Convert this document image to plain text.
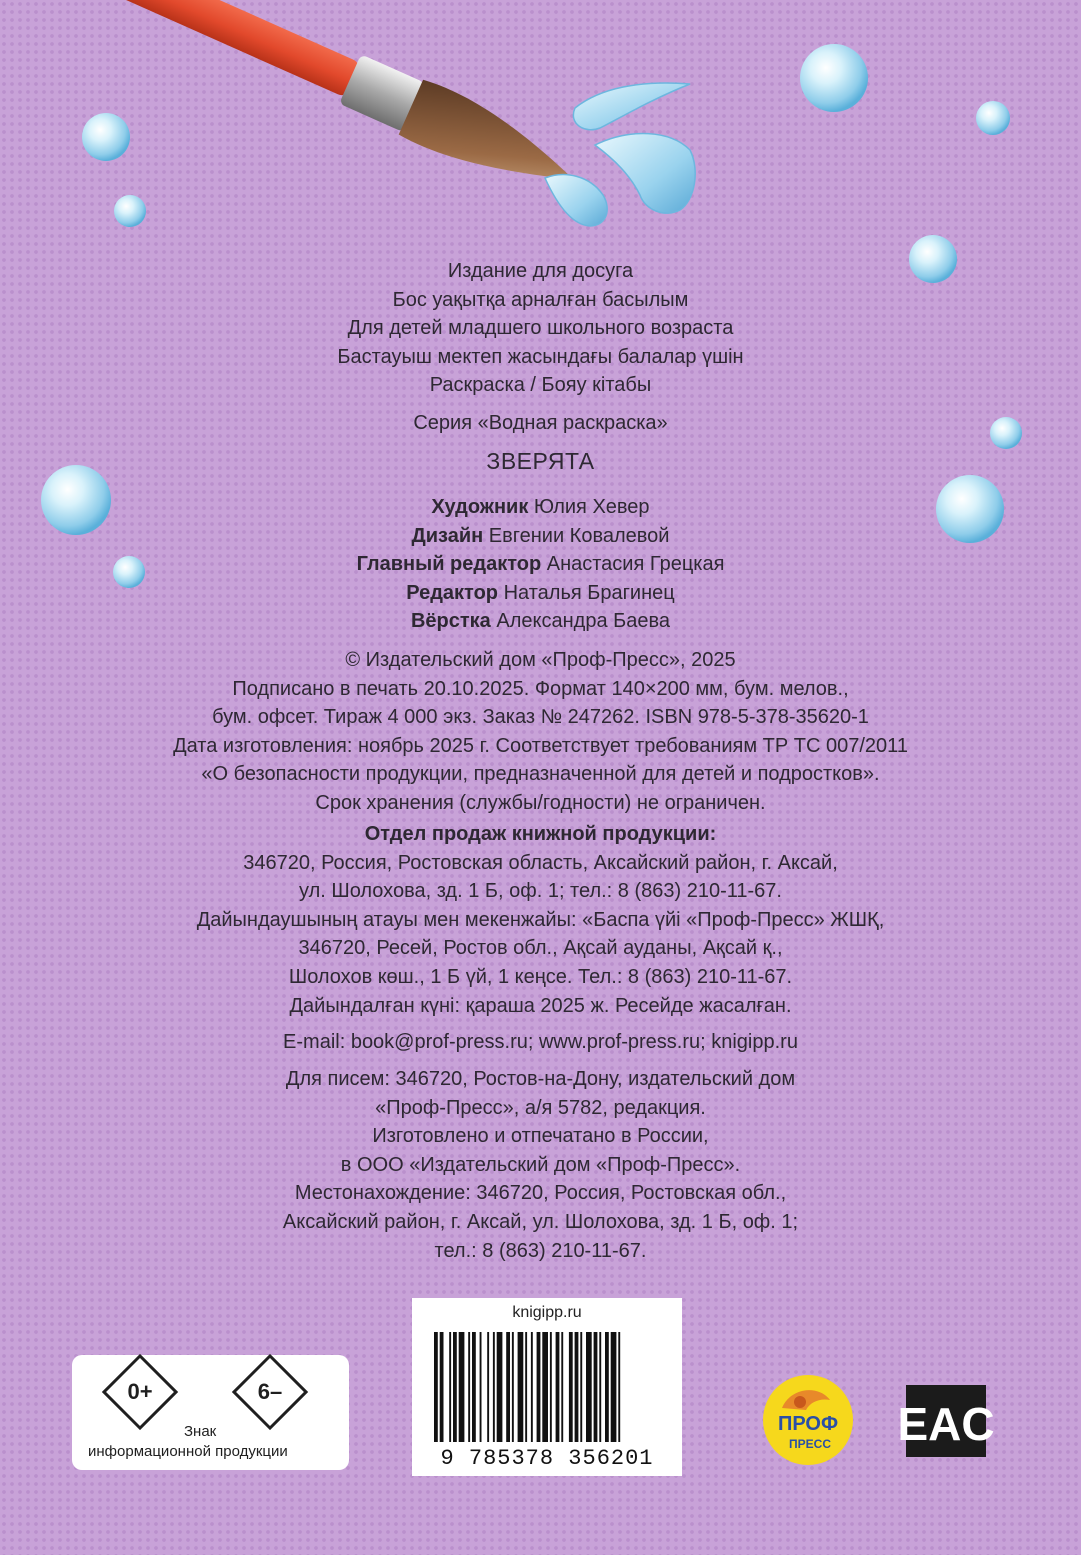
Издание для досуга
Бос уақытқа арналған басылым
Для детей младшего школьного возраста
Бастауыш мектеп жасындағы балалар үшін
Раскраска / Бояу кітабы
Серия «Водная раскраска»
ЗВЕРЯТА
Художник Юлия Хевер
Дизайн Евгении Ковалевой
Главный редактор Анастасия Грецкая
Редактор Наталья Брагинец
Вёрстка Александра Баева
© Издательский дом «Проф-Пресс», 2025
Подписано в печать 20.10.2025. Формат 140×200 мм, бум. мелов.,
бум. офсет. Тираж 4 000 экз. Заказ № 247262. ISBN 978-5-378-35620-1
Дата изготовления: ноябрь 2025 г. Соответствует требованиям ТР ТС 007/2011
«О безопасности продукции, предназначенной для детей и подростков».
Срок хранения (службы/годности) не ограничен.
Отдел продаж книжной продукции:
346720, Россия, Ростовская область, Аксайский район, г. Аксай,
ул. Шолохова, зд. 1 Б, оф. 1; тел.: 8 (863) 210-11-67.
Дайындаушының атауы мен мекенжайы: «Баспа үйі «Проф-Пресс» ЖШҚ,
346720, Ресей, Ростов обл., Ақсай ауданы, Ақсай қ.,
Шолохов көш., 1 Б үй, 1 кеңсе. Тел.: 8 (863) 210-11-67.
Дайындалған күні: қараша 2025 ж. Ресейде жасалған.
E-mail: book@prof-press.ru; www.prof-press.ru; knigipp.ru
Для писем: 346720, Ростов-на-Дону, издательский дом
«Проф-Пресс», а/я 5782, редакция.
Изготовлено и отпечатано в России,
в ООО «Издательский дом «Проф-Пресс».
Местонахождение: 346720, Россия, Ростовская обл.,
Аксайский район, г. Аксай, ул. Шолохова, зд. 1 Б, оф. 1;
тел.: 8 (863) 210-11-67.
0+	6–
Знак
информационной продукции
knigipp.ru
9 785378 356201
ПРОФ
ПРЕСС EAC
